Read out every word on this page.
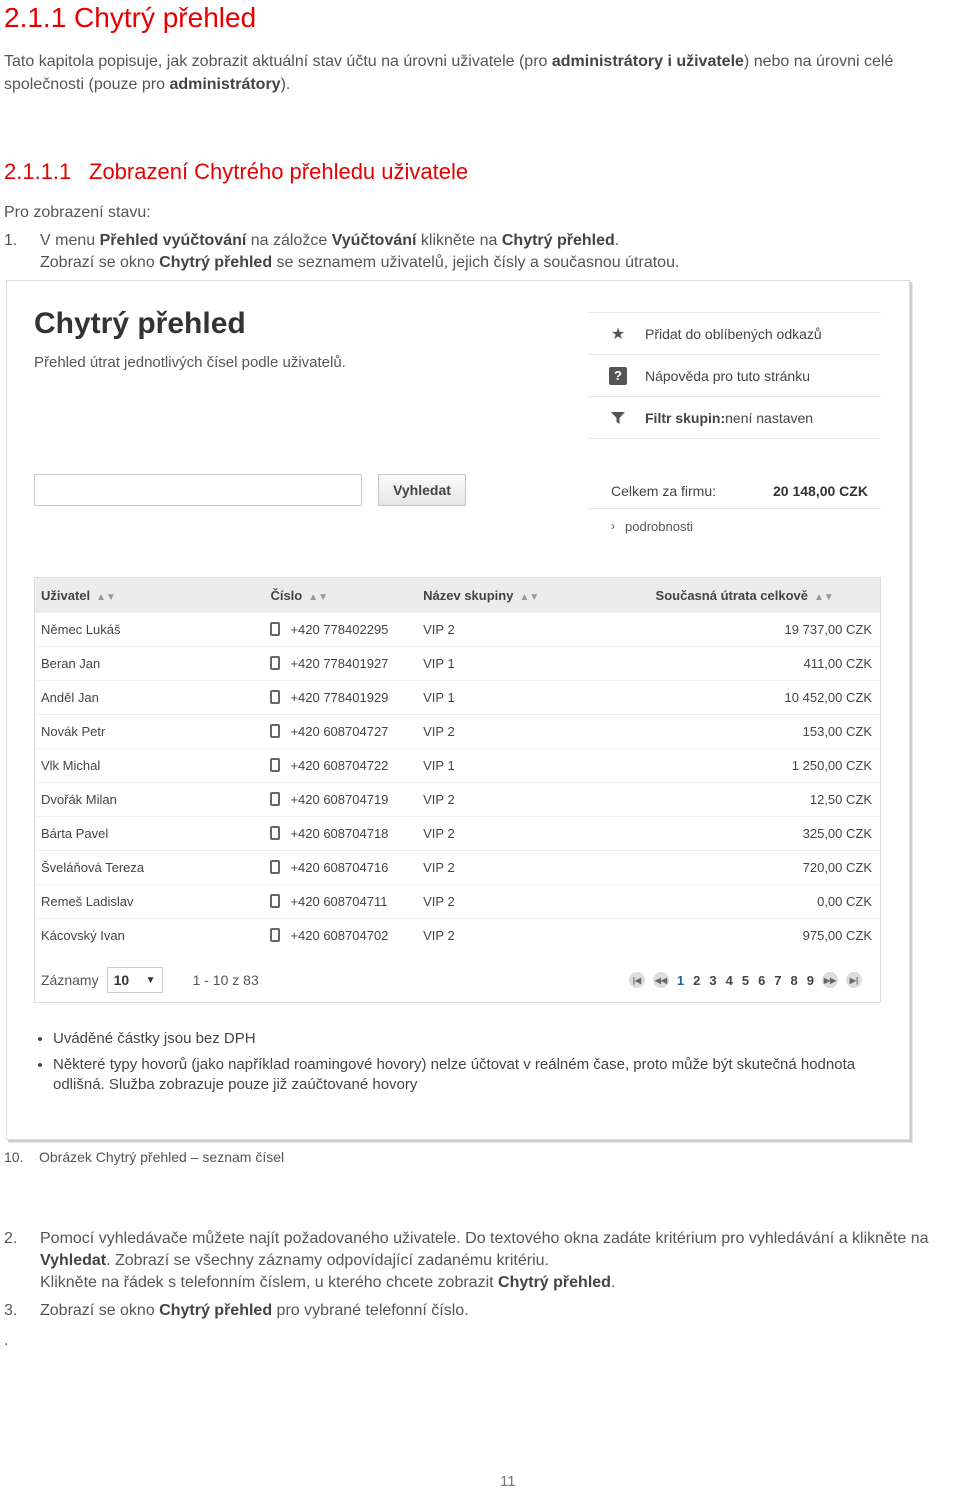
2.1.1 Chytrý přehled

Tato kapitola popisuje, jak zobrazit aktuální stav účtu na úrovni uživatele (pro administrátory i uživatele) nebo na úrovni celé společnosti (pouze pro administrátory).

2.1.1.1 Zobrazení Chytrého přehledu uživatele

Pro zobrazení stavu:

1. V menu Přehled vyúčtování na záložce Vyúčtování klikněte na Chytrý přehled.
Zobrazí se okno Chytrý přehled se seznamem uživatelů, jejich čísly a současnou útratou.

Chytrý přehled
Přehled útrat jednotlivých čísel podle uživatelů.
★ Přidat do oblíbených odkazů
?	Nápověda pro tuto stránku
Filtr skupin: není nastaven
Vyhledat	Celkem za firmu:	20 148,00 CZK
› podrobnosti
Uživatel ▲▼	Číslo ▲▼	Název skupiny ▲▼	Současná útrata celkově ▲▼
Němec Lukáš	+420 778402295	VIP 2	19 737,00 CZK
Beran Jan	+420 778401927	VIP 1	411,00 CZK
Anděl Jan	+420 778401929	VIP 1	10 452,00 CZK
Novák Petr	+420 608704727	VIP 2	153,00 CZK
Vlk Michal	+420 608704722	VIP 1	1 250,00 CZK
Dvořák Milan	+420 608704719	VIP 2	12,50 CZK
Bárta Pavel	+420 608704718	VIP 2	325,00 CZK
Šveláňová Tereza	+420 608704716	VIP 2	720,00 CZK
Remeš Ladislav	+420 608704711	VIP 2	0,00 CZK
Kácovský Ivan	+420 608704702	VIP 2	975,00 CZK
Záznamy 10 ▼	1 - 10 z 83	|◀	◀◀ 1 2 3 4 5 6 7 8 9 ▶▶	▶|
• Uváděné částky jsou bez DPH
• Některé typy hovorů (jako například roamingové hovory) nelze účtovat v reálném čase, proto může být skutečná hodnota odlišná. Služba zobrazuje pouze již zaúčtované hovory
10. Obrázek Chytrý přehled – seznam čísel

2. Pomocí vyhledávače můžete najít požadovaného uživatele. Do textového okna zadáte kritérium pro vyhledávání a klikněte na Vyhledat. Zobrazí se všechny záznamy odpovídající zadanému kritériu.
Klikněte na řádek s telefonním číslem, u kterého chcete zobrazit Chytrý přehled.

3. Zobrazí se okno Chytrý přehled pro vybrané telefonní číslo.

.
11
